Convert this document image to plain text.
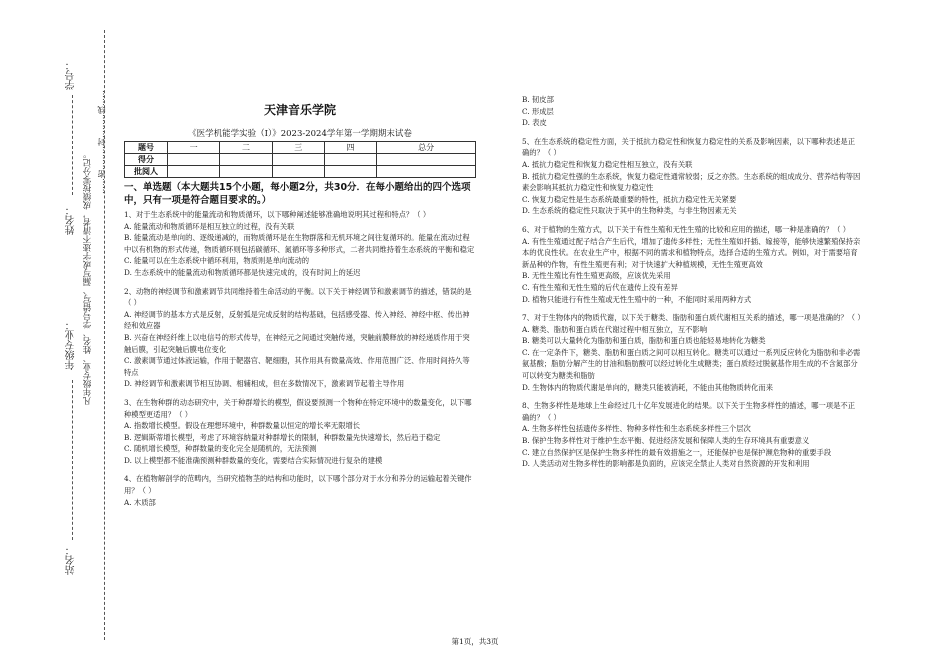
学号：
姓名：
年级专业：
站名：
凡年级专业、姓名、学号错写、漏写或字迹不清者，成绩按零分记。
……密………封………线……	天津音乐学院
《医学机能学实验（Ⅰ）》2023-2024学年第一学期期末试卷
题号	一	二	三	四	总分
得分					
批阅人					
一、单选题（本大题共15个小题，每小题2分，共30分．在每小题给出的四个选项中，只有一项是符合题目要求的。）

1、对于生态系统中的能量流动和物质循环，以下哪种阐述能够准确地说明其过程和特点？（ ）

A. 能量流动和物质循环是相互独立的过程，没有关联

B. 能量流动是单向的、逐级递减的，而物质循环是在生物群落和无机环境之间往复循环的。能量在流动过程中以有机物的形式传递，物质循环则包括碳循环、氮循环等多种形式，二者共同维持着生态系统的平衡和稳定

C. 能量可以在生态系统中循环利用，物质则是单向流动的

D. 生态系统中的能量流动和物质循环都是快速完成的，没有时间上的延迟

2、动物的神经调节和激素调节共同维持着生命活动的平衡。以下关于神经调节和激素调节的描述，错误的是（ ）

A. 神经调节的基本方式是反射，反射弧是完成反射的结构基础，包括感受器、传入神经、神经中枢、传出神经和效应器

B. 兴奋在神经纤维上以电信号的形式传导，在神经元之间通过突触传递，突触前膜释放的神经递质作用于突触后膜，引起突触后膜电位变化

C. 激素调节通过体液运输，作用于靶器官、靶细胞，其作用具有微量高效、作用范围广泛、作用时间持久等特点

D. 神经调节和激素调节相互协调、相辅相成，但在多数情况下，激素调节起着主导作用

3、在生物种群的动态研究中，关于种群增长的模型，假设要预测一个物种在特定环境中的数量变化，以下哪种模型更适用？（ ）

A. 指数增长模型。假设在理想环境中，种群数量以恒定的增长率无限增长

B. 逻辑斯蒂增长模型，考虑了环境容纳量对种群增长的限制，种群数量先快速增长，然后趋于稳定

C. 随机增长模型，种群数量的变化完全是随机的，无法预测

D. 以上模型都不能准确预测种群数量的变化，需要结合实际情况进行复杂的建模

4、在植物解剖学的范畴内，当研究植物茎的结构和功能时，以下哪个部分对于水分和养分的运输起着关键作用？（ ）

A. 木质部

B. 韧皮部

C. 形成层

D. 表皮

5、在生态系统的稳定性方面，关于抵抗力稳定性和恢复力稳定性的关系及影响因素，以下哪种表述是正确的？（ ）

A. 抵抗力稳定性和恢复力稳定性相互独立，没有关联

B. 抵抗力稳定性强的生态系统，恢复力稳定性通常较弱；反之亦然。生态系统的组成成分、营养结构等因素会影响其抵抗力稳定性和恢复力稳定性

C. 恢复力稳定性是生态系统最重要的特性，抵抗力稳定性无关紧要

D. 生态系统的稳定性只取决于其中的生物种类，与非生物因素无关

6、对于植物的生殖方式，以下关于有性生殖和无性生殖的比较和应用的描述，哪一种是准确的？（ ）

A. 有性生殖通过配子结合产生后代，增加了遗传多样性；无性生殖如扦插、嫁接等，能够快速繁殖保持亲本的优良性状。在农业生产中，根据不同的需求和植物特点，选择合适的生殖方式。例如，对于需要培育新品种的作物，有性生殖更有利；对于快速扩大种植规模，无性生殖更高效

B. 无性生殖比有性生殖更高级，应该优先采用

C. 有性生殖和无性生殖的后代在遗传上没有差异

D. 植物只能进行有性生殖或无性生殖中的一种，不能同时采用两种方式

7、对于生物体内的物质代谢，以下关于糖类、脂肪和蛋白质代谢相互关系的描述，哪一项是准确的？（ ）

A. 糖类、脂肪和蛋白质在代谢过程中相互独立，互不影响

B. 糖类可以大量转化为脂肪和蛋白质，脂肪和蛋白质也能轻易地转化为糖类

C. 在一定条件下，糖类、脂肪和蛋白质之间可以相互转化。糖类可以通过一系列反应转化为脂肪和非必需氨基酸；脂肪分解产生的甘油和脂肪酸可以经过转化生成糖类；蛋白质经过脱氨基作用生成的不含氮部分可以转变为糖类和脂肪

D. 生物体内的物质代谢是单向的，糖类只能被消耗，不能由其他物质转化而来

8、生物多样性是地球上生命经过几十亿年发展进化的结果。以下关于生物多样性的描述，哪一项是不正确的？（ ）

A. 生物多样性包括遗传多样性、物种多样性和生态系统多样性三个层次

B. 保护生物多样性对于维护生态平衡、促进经济发展和保障人类的生存环境具有重要意义

C. 建立自然保护区是保护生物多样性的最有效措施之一，还能保护也是保护濒危物种的重要手段

D. 人类活动对生物多样性的影响都是负面的，应该完全禁止人类对自然资源的开发和利用

第1页，共3页
